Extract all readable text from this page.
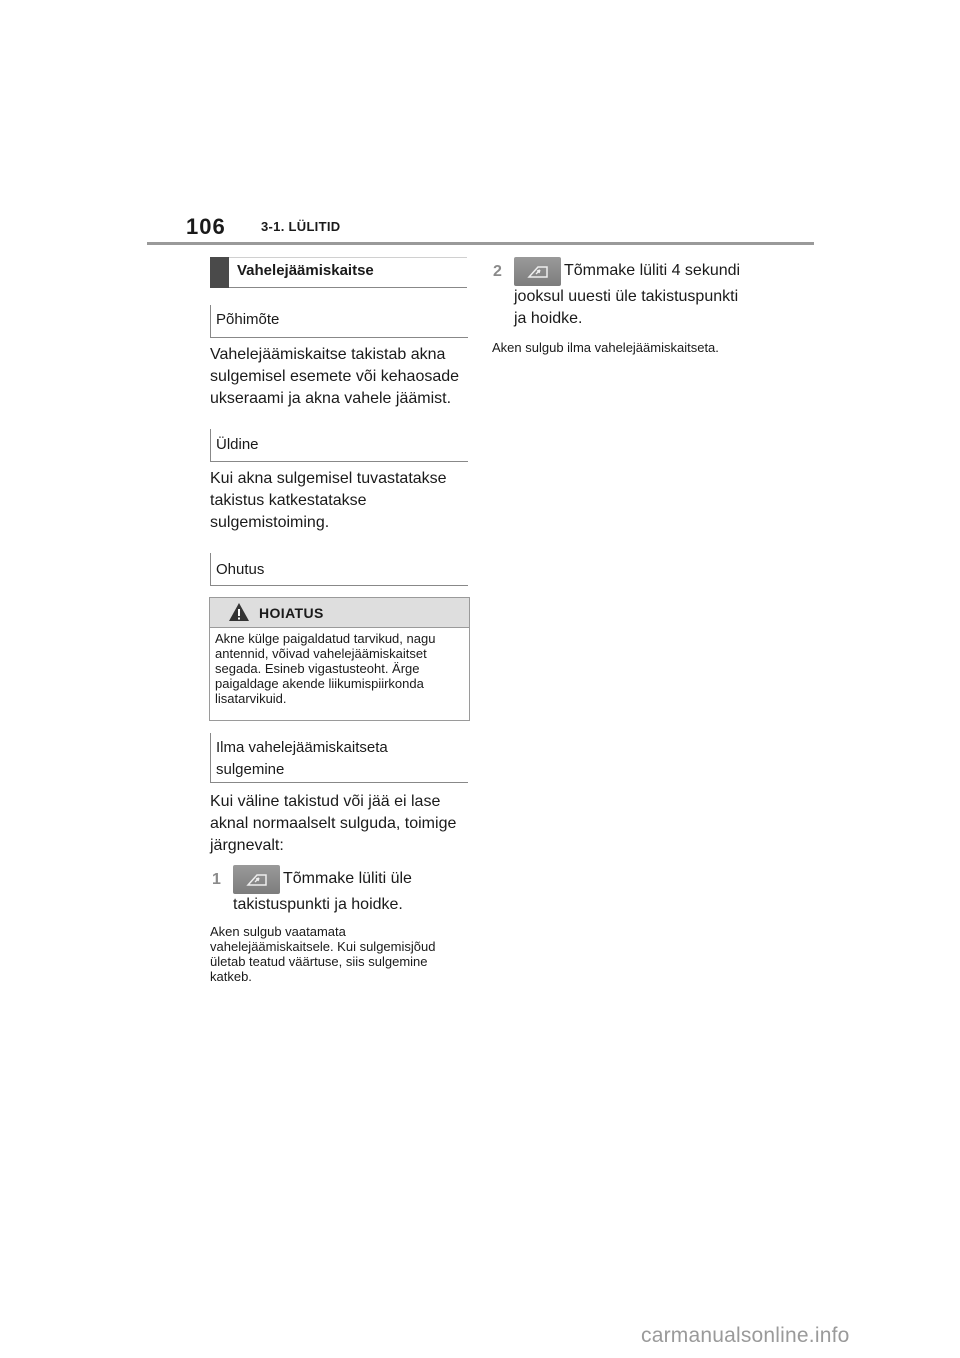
106	3-1. LÜLITID
Vahelejäämiskaitse
Põhimõte
Vahelejäämiskaitse takistab akna sulgemisel esemete või kehaosade ukseraami ja akna vahele jäämist.
Üldine
Kui akna sulgemisel tuvastatakse takistus katkestatakse sulgemistoiming.
Ohutus
HOIATUS
Akne külge paigaldatud tarvikud, nagu antennid, võivad vahelejäämiskaitset segada. Esineb vigastusteoht. Ärge paigaldage akende liikumispiirkonda lisatarvikuid.
Ilma vahelejäämiskaitseta sulgemine
Kui väline takistud või jää ei lase aknal normaalselt sulguda, toimige järgnevalt:
1	Tõmmake lüliti üle
takistuspunkti ja hoidke.
Aken sulgub vaatamata vahelejäämiskaitsele. Kui sulgemisjõud ületab teatud väärtuse, siis sulgemine katkeb.
2	Tõmmake lüliti 4 sekundi
jooksul uuesti üle takistuspunkti ja hoidke.
Aken sulgub ilma vahelejäämiskaitseta.
carmanualsonline.info
